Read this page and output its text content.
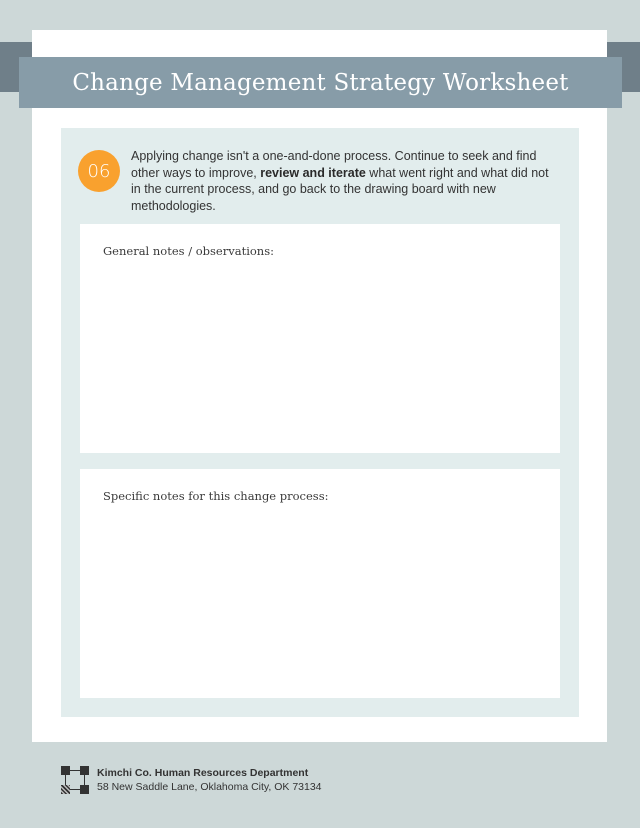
Change Management Strategy Worksheet
06
Applying change isn't a one-and-done process. Continue to seek and find other ways to improve, review and iterate what went right and what did not in the current process, and go back to the drawing board with new methodologies.
General notes / observations:
Specific notes for this change process:
Kimchi Co. Human Resources Department
58 New Saddle Lane, Oklahoma City, OK 73134
